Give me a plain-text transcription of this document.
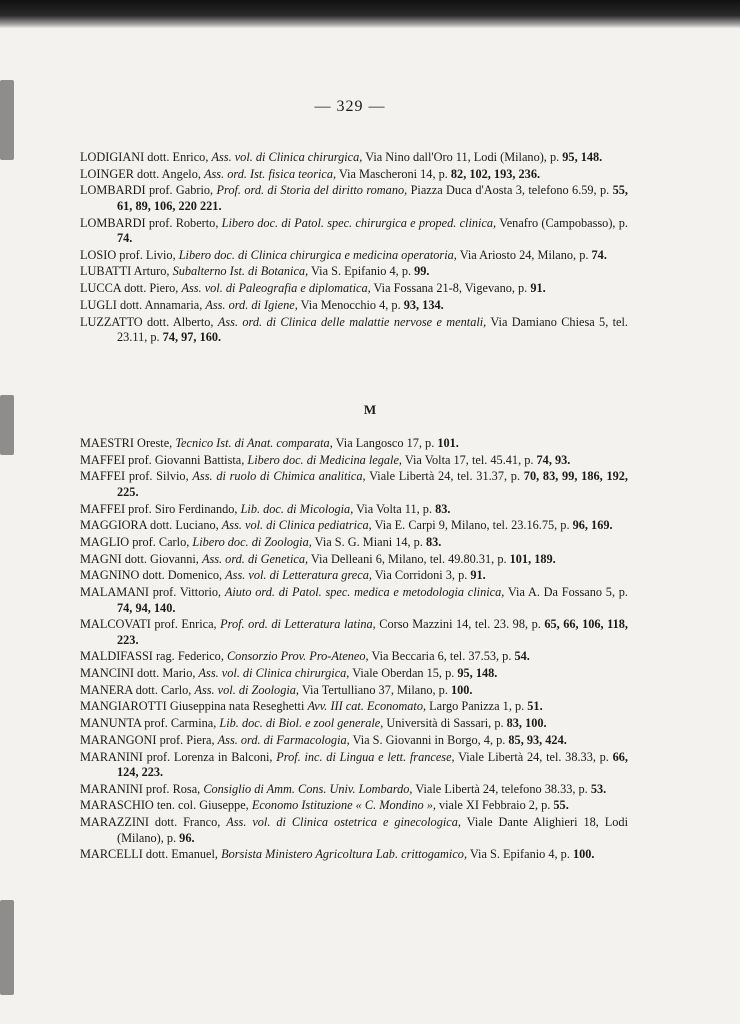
— 329 —

LODIGIANI dott. Enrico, Ass. vol. di Clinica chirurgica, Via Nino dall'Oro 11, Lodi (Milano), p. 95, 148.

LOINGER dott. Angelo, Ass. ord. Ist. fisica teorica, Via Mascheroni 14, p. 82, 102, 193, 236.

LOMBARDI prof. Gabrio, Prof. ord. di Storia del diritto romano, Piazza Duca d'Aosta 3, telefono 6.59, p. 55, 61, 89, 106, 220 221.

LOMBARDI prof. Roberto, Libero doc. di Patol. spec. chirurgica e proped. clinica, Venafro (Campobasso), p. 74.

LOSIO prof. Livio, Libero doc. di Clinica chirurgica e medicina operatoria, Via Ariosto 24, Milano, p. 74.

LUBATTI Arturo, Subalterno Ist. di Botanica, Via S. Epifanio 4, p. 99.

LUCCA dott. Piero, Ass. vol. di Paleografia e diplomatica, Via Fossana 21-8, Vigevano, p. 91.

LUGLI dott. Annamaria, Ass. ord. di Igiene, Via Menocchio 4, p. 93, 134.

LUZZATTO dott. Alberto, Ass. ord. di Clinica delle malattie nervose e mentali, Via Damiano Chiesa 5, tel. 23.11, p. 74, 97, 160.

M

MAESTRI Oreste, Tecnico Ist. di Anat. comparata, Via Langosco 17, p. 101.

MAFFEI prof. Giovanni Battista, Libero doc. di Medicina legale, Via Volta 17, tel. 45.41, p. 74, 93.

MAFFEI prof. Silvio, Ass. di ruolo di Chimica analitica, Viale Libertà 24, tel. 31.37, p. 70, 83, 99, 186, 192, 225.

MAFFEI prof. Siro Ferdinando, Lib. doc. di Micologia, Via Volta 11, p. 83.

MAGGIORA dott. Luciano, Ass. vol. di Clinica pediatrica, Via E. Carpi 9, Milano, tel. 23.16.75, p. 96, 169.

MAGLIO prof. Carlo, Libero doc. di Zoologia, Via S. G. Miani 14, p. 83.

MAGNI dott. Giovanni, Ass. ord. di Genetica, Via Delleani 6, Milano, tel. 49.80.31, p. 101, 189.

MAGNINO dott. Domenico, Ass. vol. di Letteratura greca, Via Corridoni 3, p. 91.

MALAMANI prof. Vittorio, Aiuto ord. di Patol. spec. medica e metodologia clinica, Via A. Da Fossano 5, p. 74, 94, 140.

MALCOVATI prof. Enrica, Prof. ord. di Letteratura latina, Corso Mazzini 14, tel. 23. 98, p. 65, 66, 106, 118, 223.

MALDIFASSI rag. Federico, Consorzio Prov. Pro-Ateneo, Via Beccaria 6, tel. 37.53, p. 54.

MANCINI dott. Mario, Ass. vol. di Clinica chirurgica, Viale Oberdan 15, p. 95, 148.

MANERA dott. Carlo, Ass. vol. di Zoologia, Via Tertulliano 37, Milano, p. 100.

MANGIAROTTI Giuseppina nata Reseghetti Avv. III cat. Economato, Largo Panizza 1, p. 51.

MANUNTA prof. Carmina, Lib. doc. di Biol. e zool generale, Università di Sassari, p. 83, 100.

MARANGONI prof. Piera, Ass. ord. di Farmacologia, Via S. Giovanni in Borgo, 4, p. 85, 93, 424.

MARANINI prof. Lorenza in Balconi, Prof. inc. di Lingua e lett. francese, Viale Libertà 24, tel. 38.33, p. 66, 124, 223.

MARANINI prof. Rosa, Consiglio di Amm. Cons. Univ. Lombardo, Viale Libertà 24, telefono 38.33, p. 53.

MARASCHIO ten. col. Giuseppe, Economo Istituzione « C. Mondino », viale XI Febbraio 2, p. 55.

MARAZZINI dott. Franco, Ass. vol. di Clinica ostetrica e ginecologica, Viale Dante Alighieri 18, Lodi (Milano), p. 96.

MARCELLI dott. Emanuel, Borsista Ministero Agricoltura Lab. crittogamico, Via S. Epifanio 4, p. 100.
